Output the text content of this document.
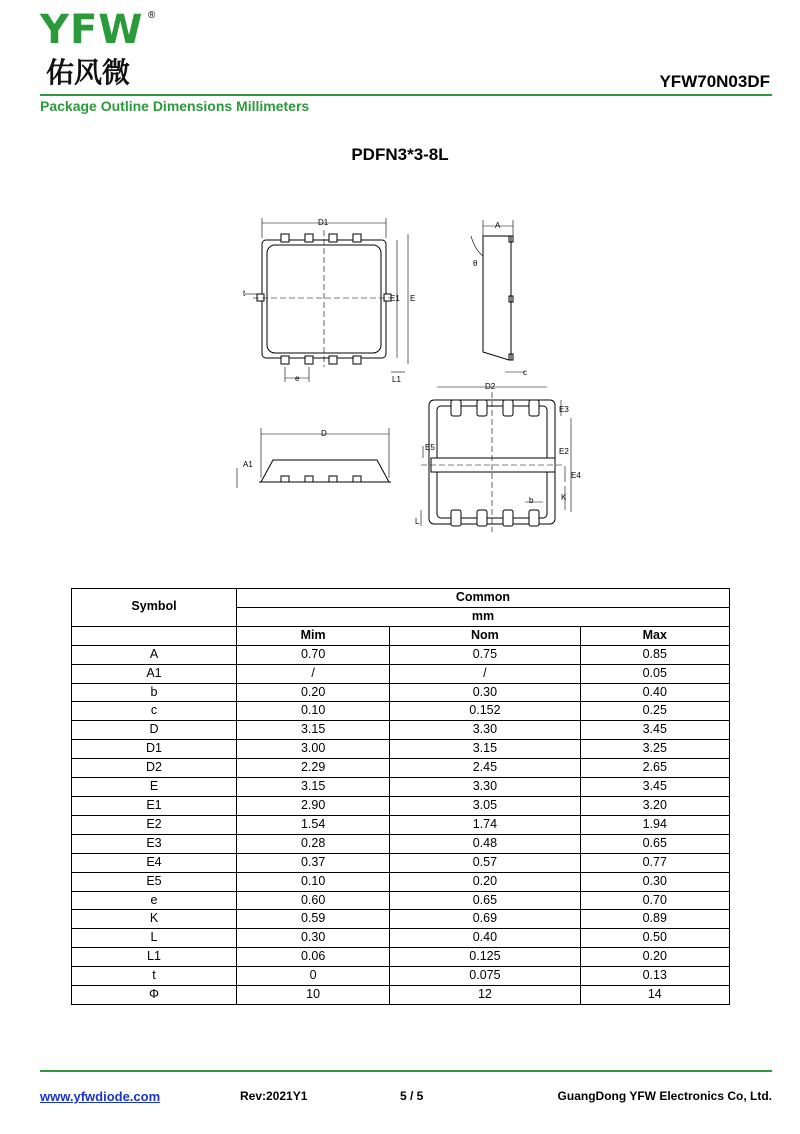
YFW ®
佑风微	YFW70N03DF
Package Outline Dimensions Millimeters
PDFN3*3-8L
D1
E1 E
t
e	L1
A
θ
c
D
A1
D2
E3
E5	E2
E4
K
b
L
Symbol	Common		
	mm		
	Mim	Nom	Max
A	0.70	0.75	0.85
A1	/	/	0.05
b	0.20	0.30	0.40
c	0.10	0.152	0.25
D	3.15	3.30	3.45
D1	3.00	3.15	3.25
D2	2.29	2.45	2.65
E	3.15	3.30	3.45
E1	2.90	3.05	3.20
E2	1.54	1.74	1.94
E3	0.28	0.48	0.65
E4	0.37	0.57	0.77
E5	0.10	0.20	0.30
e	0.60	0.65	0.70
K	0.59	0.69	0.89
L	0.30	0.40	0.50
L1	0.06	0.125	0.20
t	0	0.075	0.13
Φ	10	12	14
www.yfwdiode.com	Rev:2021Y1	5 / 5	GuangDong YFW Electronics Co, Ltd.
